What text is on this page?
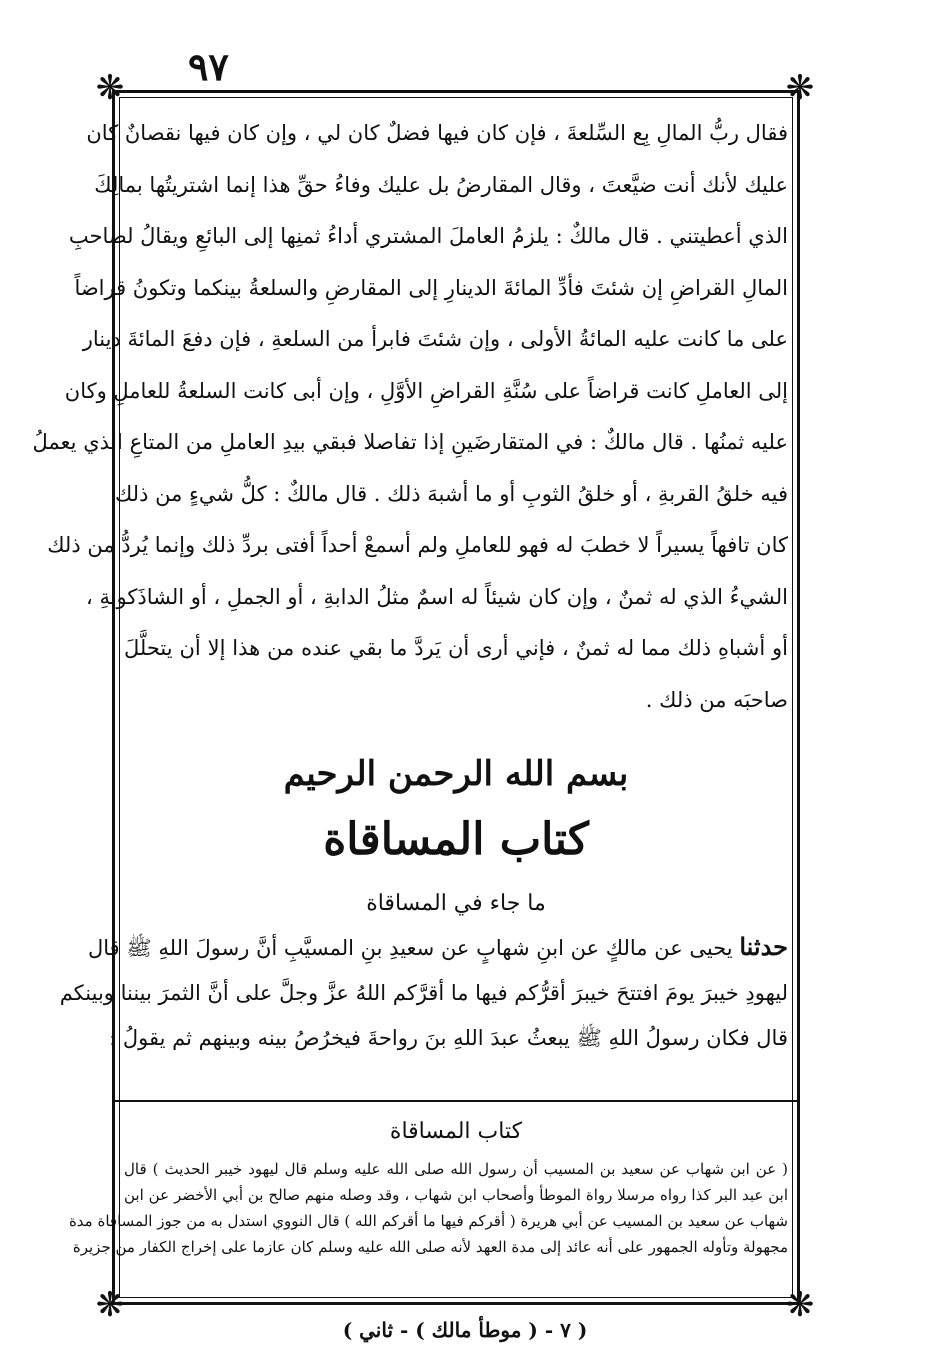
٩٧
❋	❋
❋	❋

فقال ربُّ المالِ بِع السِّلعةَ ، فإن كان فيها فضلٌ كان لي ، وإن كان فيها نقصانٌ كان

عليك لأنك أنت ضيَّعتَ ، وقال المقارضُ بل عليك وفاءُ حقِّ هذا إنما اشتريتُها بمالِكَ

الذي أعطيتني . قال مالكٌ : يلزمُ العاملَ المشتري أداءُ ثمنِها إلى البائعِ ويقالُ لصاحبِ

المالِ القراضِ إن شئتَ فأدِّ المائةَ الدينارِ إلى المقارضِ والسلعةُ بينكما وتكونُ قراضاً

على ما كانت عليه المائةُ الأولى ، وإن شئتَ فابرأ من السلعةِ ، فإن دفعَ المائةَ دينار

إلى العاملِ كانت قراضاً على سُنَّةِ القراضِ الأوَّلِ ، وإن أبى كانت السلعةُ للعاملِ وكان

عليه ثمنُها . قال مالكٌ : في المتقارضَينِ إذا تفاصلا فبقي بيدِ العاملِ من المتاعِ الذي يعملُ

فيه خلقُ القربةِ ، أو خلقُ الثوبِ أو ما أشبهَ ذلك . قال مالكٌ : كلُّ شيءٍ من ذلك

كان تافهاً يسيراً لا خطبَ له فهو للعاملِ ولم أسمعْ أحداً أفتى بردِّ ذلك وإنما يُردُّ من ذلك

الشيءُ الذي له ثمنٌ ، وإن كان شيئاً له اسمٌ مثلُ الدابةِ ، أو الجملِ ، أو الشاذَكونةِ ،

أو أشباهِ ذلك مما له ثمنٌ ، فإني أرى أن يَردَّ ما بقي عنده من هذا إلا أن يتحلَّلَ

صاحبَه من ذلك .

بسم الله الرحمن الرحيم
كتاب المساقاة
ما جاء في المساقاة

حدثنا يحيى عن مالكٍ عن ابنِ شهابٍ عن سعيدِ بنِ المسيَّبِ أنَّ رسولَ اللهِ ﷺ قال

ليهودِ خيبرَ يومَ افتتحَ خيبرَ أقرُّكم فيها ما أقرَّكم اللهُ عزَّ وجلَّ على أنَّ الثمرَ بيننا وبينكم

قال فكان رسولُ اللهِ ﷺ يبعثُ عبدَ اللهِ بنَ رواحةَ فيخرُصُ بينه وبينهم ثم يقولُ :

كتاب المساقاة

( عن ابن شهاب عن سعيد بن المسيب أن رسول الله صلى الله عليه وسلم قال ليهود خيبر الحديث ) قال

ابن عبد البر كذا رواه مرسلا رواة الموطأ وأصحاب ابن شهاب ، وقد وصله منهم صالح بن أبي الأخضر عن ابن

شهاب عن سعيد بن المسيب عن أبي هريرة ( أقركم فيها ما أقركم الله ) قال النووي استدل به من جوز المساقاة مدة

مجهولة وتأوله الجمهور على أنه عائد إلى مدة العهد لأنه صلى الله عليه وسلم كان عازما على إخراج الكفار من جزيرة

( ٧ - ( موطأ مالك ) - ثاني )
